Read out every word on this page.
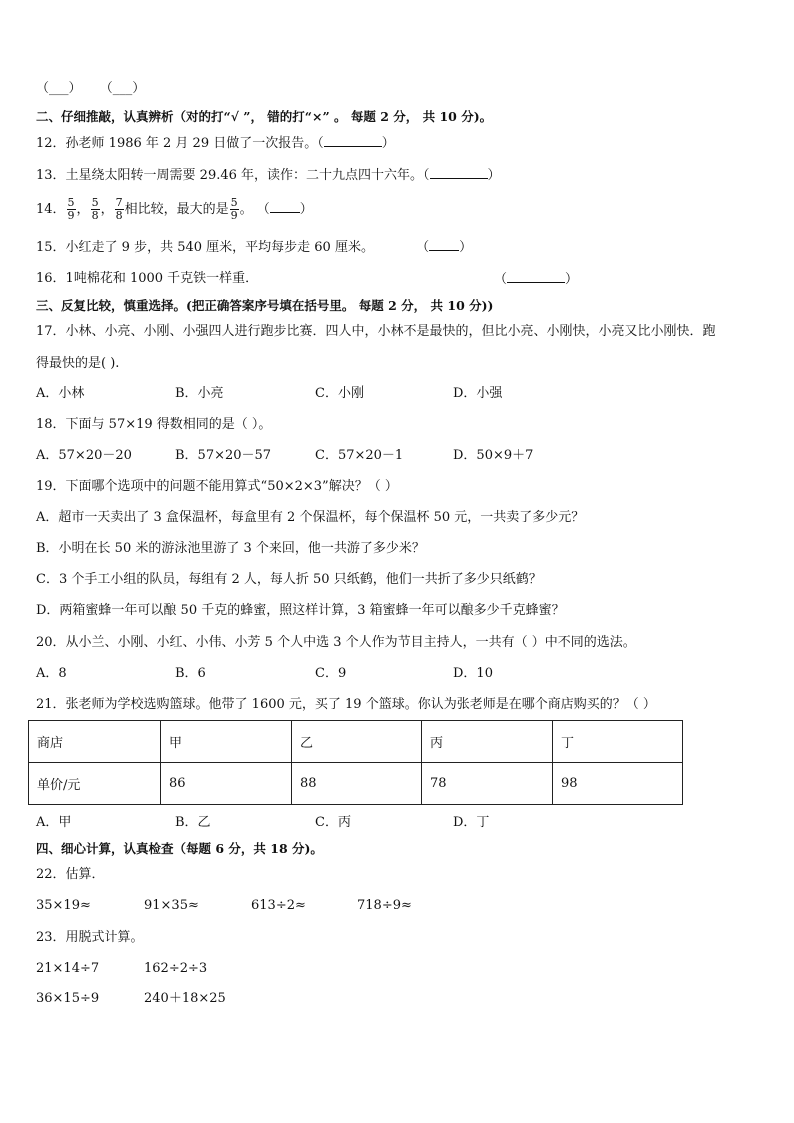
（___） （___）
二、仔细推敲，认真辨析（对的打“√ ”， 错的打“×” 。 每题 2 分， 共 10 分)。
12．孙老师 1986 年 2 月 29 日做了一次报告。（	）
13．土星绕太阳转一周需要 29.46 年，读作：二十九点四十六年。（	）
14． $\frac{5}{9}$ ， $\frac{5}{8}$ ， $\frac{7}{8}$ 相比较，最大的是 $\frac{5}{9}$ 。 （ ）
15．小红走了 9 步，共 540 厘米，平均每步走 60 厘米。	（ ）
16．1吨棉花和 1000 千克铁一样重．	（	）
三、反复比较，慎重选择。(把正确答案序号填在括号里。 每题 2 分， 共 10 分))
17．小林、小亮、小刚、小强四人进行跑步比赛．四人中，小林不是最快的，但比小亮、小刚快，小亮又比小刚快．跑
得最快的是( ).
A．小林	B．小亮	C．小刚	D．小强
18．下面与 57×19 得数相同的是（ ）。
A．57×20－20	B．57×20－57	C．57×20－1	D．50×9＋7
19．下面哪个选项中的问题不能用算式“50×2×3”解决？（ ）
A．超市一天卖出了 3 盒保温杯，每盒里有 2 个保温杯，每个保温杯 50 元，一共卖了多少元？
B．小明在长 50 米的游泳池里游了 3 个来回，他一共游了多少米？
C．3 个手工小组的队员，每组有 2 人，每人折 50 只纸鹤，他们一共折了多少只纸鹤？
D．两箱蜜蜂一年可以酿 50 千克的蜂蜜，照这样计算，3 箱蜜蜂一年可以酿多少千克蜂蜜？
20．从小兰、小刚、小红、小伟、小芳 5 个人中选 3 个人作为节目主持人，一共有（ ）中不同的选法。
A．8	B．6	C．9	D．10
21．张老师为学校选购篮球。他带了 1600 元，买了 19 个篮球。你认为张老师是在哪个商店购买的？（ ）
商店	甲	乙	丙	丁
单价/元	86	88	78	98
A．甲	B．乙	C．丙	D．丁
四、细心计算，认真检查（每题 6 分，共 18 分)。
22．估算．
35×19≈	91×35≈	613÷2≈	718÷9≈
23．用脱式计算。
21×14÷7	162÷2÷3
36×15÷9	240＋18×25
